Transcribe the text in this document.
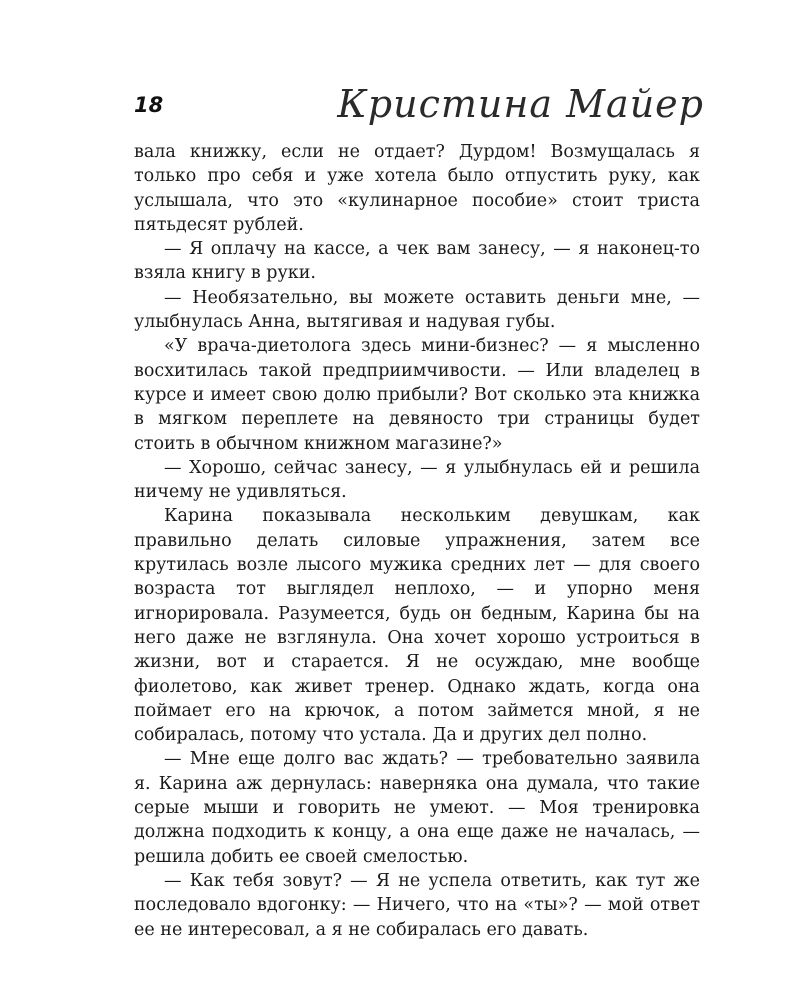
18	Кристина Майер

вала книжку, если не отдает? Дурдом! Возмущалась я только про себя и уже хотела было отпустить руку, как услышала, что это «кулинарное пособие» стоит триста пятьдесят рублей.

— Я оплачу на кассе, а чек вам занесу, — я наконец-то взяла книгу в руки.

— Необязательно, вы можете оставить деньги мне, — улыбнулась Анна, вытягивая и надувая губы.

«У врача-диетолога здесь мини-бизнес? — я мысленно восхитилась такой предприимчивости. — Или владелец в курсе и имеет свою долю прибыли? Вот сколько эта книжка в мягком переплете на девяносто три страницы будет стоить в обычном книжном магазине?»

— Хорошо, сейчас занесу, — я улыбнулась ей и решила ничему не удивляться.

Карина показывала нескольким девушкам, как правильно делать силовые упражнения, затем все крутилась возле лысого мужика средних лет — для своего возраста тот выглядел неплохо, — и упорно меня игнорировала. Разумеется, будь он бедным, Карина бы на него даже не взглянула. Она хочет хорошо устроиться в жизни, вот и старается. Я не осуждаю, мне вообще фиолетово, как живет тренер. Однако ждать, когда она поймает его на крючок, а потом займется мной, я не собиралась, потому что устала. Да и других дел полно.

— Мне еще долго вас ждать? — требовательно заявила я. Карина аж дернулась: наверняка она думала, что такие серые мыши и говорить не умеют. — Моя тренировка должна подходить к концу, а она еще даже не началась, — решила добить ее своей смелостью.

— Как тебя зовут? — Я не успела ответить, как тут же последовало вдогонку: — Ничего, что на «ты»? — мой ответ ее не интересовал, а я не собиралась его давать.
